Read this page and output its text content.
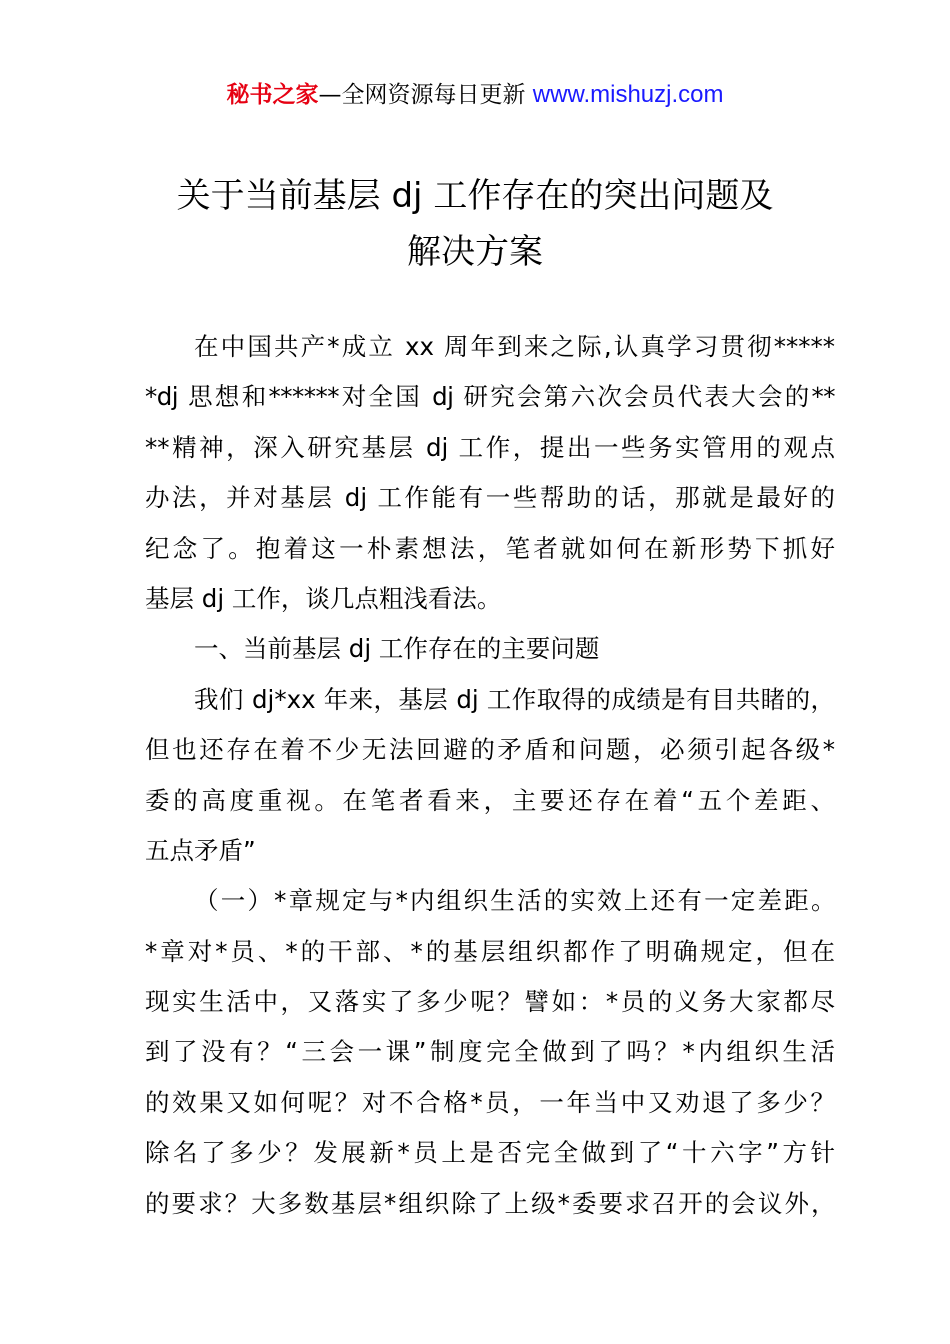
秘书之家—全网资源每日更新 www.mishuzj.com
关于当前基层 dj 工作存在的突出问题及
解决方案
在中国共产*成立 xx 周年到来之际,认真学习贯彻*****
*dj 思想和******对全国 dj 研究会第六次会员代表大会的**
**精神，深入研究基层 dj 工作，提出一些务实管用的观点
办法，并对基层 dj 工作能有一些帮助的话，那就是最好的
纪念了。抱着这一朴素想法，笔者就如何在新形势下抓好
基层 dj 工作，谈几点粗浅看法。
一、当前基层 dj 工作存在的主要问题
我们 dj*xx 年来，基层 dj 工作取得的成绩是有目共睹的，
但也还存在着不少无法回避的矛盾和问题，必须引起各级*
委的高度重视。在笔者看来，主要还存在着“五个差距、
五点矛盾”
（一）*章规定与*内组织生活的实效上还有一定差距。
*章对*员、*的干部、*的基层组织都作了明确规定，但在
现实生活中，又落实了多少呢？譬如：*员的义务大家都尽
到了没有？“三会一课”制度完全做到了吗？*内组织生活
的效果又如何呢？对不合格*员，一年当中又劝退了多少？
除名了多少？发展新*员上是否完全做到了“十六字”方针
的要求？大多数基层*组织除了上级*委要求召开的会议外，
